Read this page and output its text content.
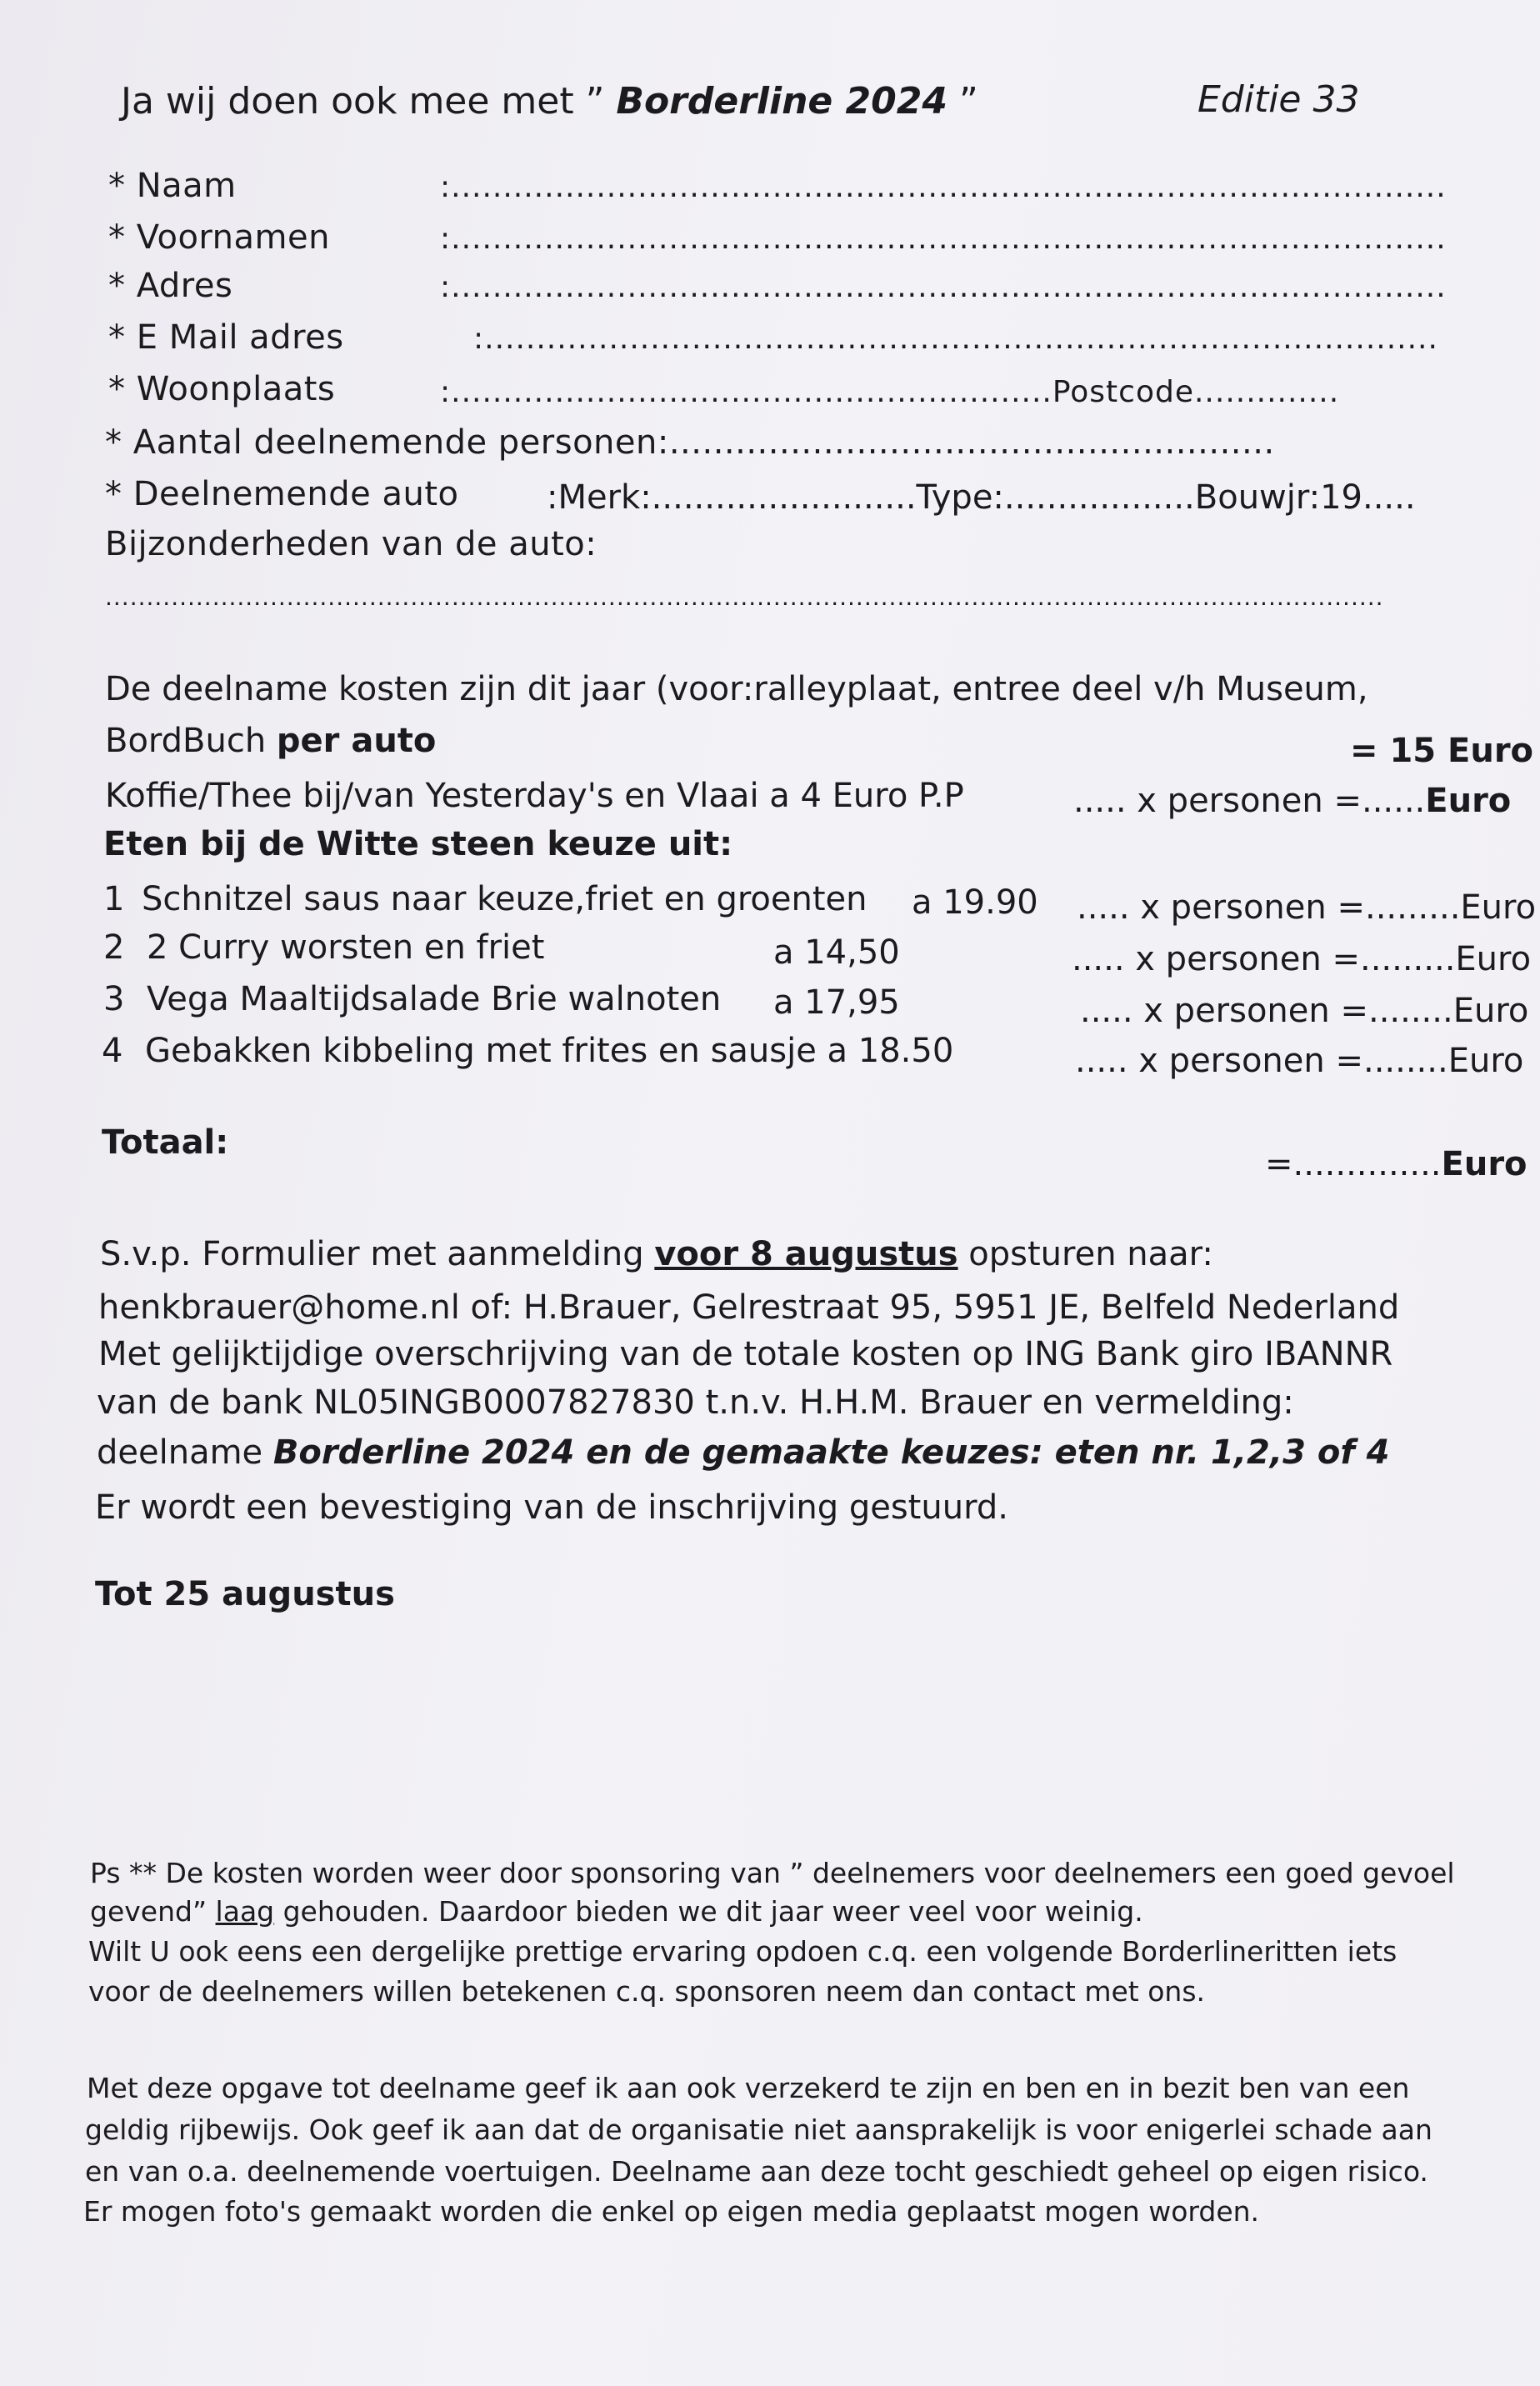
Ja wij doen ook mee met ” Borderline 2024 ”	Editie 33
* Naam	:................................................................................................
* Voornamen	:................................................................................................
* Adres	:................................................................................................
* E Mail adres	:............................................................................................
* Woonplaats	:..........................................................Postcode..............
* Aantal deelnemende personen:.......................................................
* Deelnemende auto	:Merk:.........................Type:..................Bouwjr:19.....
Bijzonderheden van de auto:
...........................................................................................................................................................
De deelname kosten zijn dit jaar (voor:ralleyplaat, entree deel v/h Museum,
BordBuch per auto	= 15 Euro
Koffie/Thee bij/van Yesterday's en Vlaai a 4 Euro P.P	..... x personen =......Euro
Eten bij de Witte steen keuze uit:
1 Schnitzel saus naar keuze,friet en groenten a 19.90 ..... x personen =.........Euro
2 2 Curry worsten en friet	a 14,50	..... x personen =.........Euro
3 Vega Maaltijdsalade Brie walnoten a 17,95	..... x personen =........Euro
4 Gebakken kibbeling met frites en sausje a 18.50	..... x personen =........Euro
Totaal:
=..............Euro
S.v.p. Formulier met aanmelding voor 8 augustus opsturen naar:
henkbrauer@home.nl of: H.Brauer, Gelrestraat 95, 5951 JE, Belfeld Nederland
Met gelijktijdige overschrijving van de totale kosten op ING Bank giro IBANNR
van de bank NL05INGB0007827830 t.n.v. H.H.M. Brauer en vermelding:
deelname Borderline 2024 en de gemaakte keuzes: eten nr. 1,2,3 of 4
Er wordt een bevestiging van de inschrijving gestuurd.
Tot 25 augustus
Ps ** De kosten worden weer door sponsoring van ” deelnemers voor deelnemers een goed gevoel
gevend” laag gehouden. Daardoor bieden we dit jaar weer veel voor weinig.
Wilt U ook eens een dergelijke prettige ervaring opdoen c.q. een volgende Borderlineritten iets
voor de deelnemers willen betekenen c.q. sponsoren neem dan contact met ons.
Met deze opgave tot deelname geef ik aan ook verzekerd te zijn en ben en in bezit ben van een
geldig rijbewijs. Ook geef ik aan dat de organisatie niet aansprakelijk is voor enigerlei schade aan
en van o.a. deelnemende voertuigen. Deelname aan deze tocht geschiedt geheel op eigen risico.
Er mogen foto's gemaakt worden die enkel op eigen media geplaatst mogen worden.
